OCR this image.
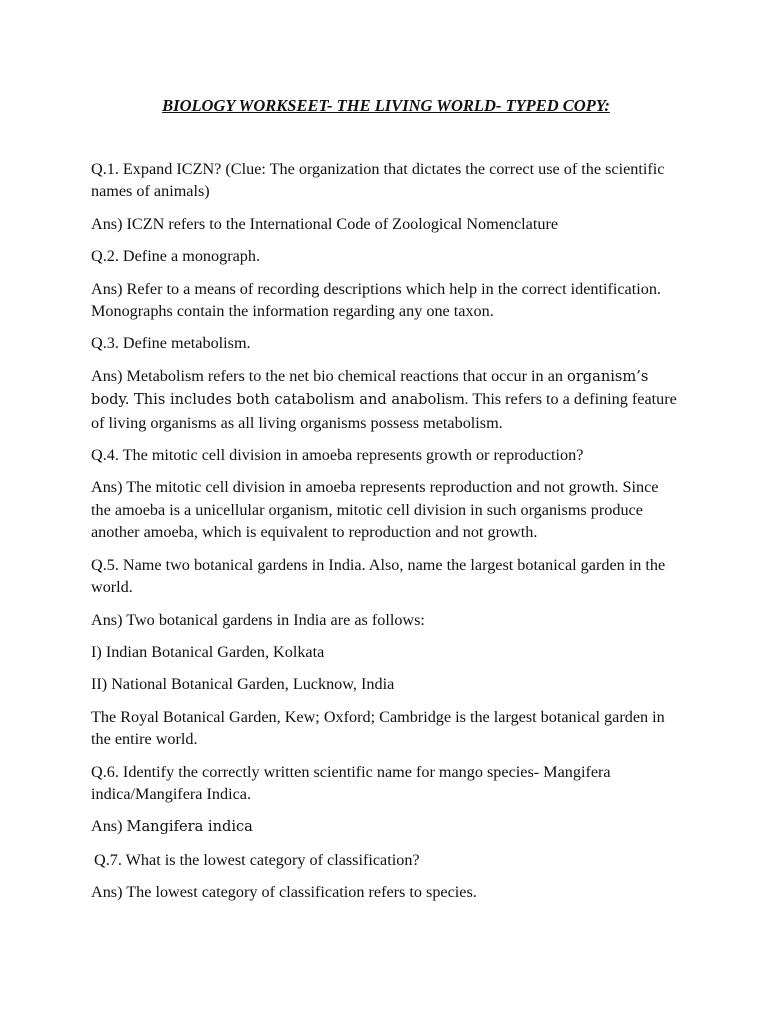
BIOLOGY WORKSEET- THE LIVING WORLD- TYPED COPY:

Q.1. Expand ICZN? (Clue: The organization that dictates the correct use of the scientific names of animals)

Ans) ICZN refers to the International Code of Zoological Nomenclature

Q.2. Define a monograph.

Ans) Refer to a means of recording descriptions which help in the correct identification. Monographs contain the information regarding any one taxon.

Q.3. Define metabolism.

Ans) Metabolism refers to the net bio chemical reactions that occur in an organism’s body. This includes both catabolism and anabolism. This refers to a defining feature of living organisms as all living organisms possess metabolism.

Q.4. The mitotic cell division in amoeba represents growth or reproduction?

Ans) The mitotic cell division in amoeba represents reproduction and not growth. Since the amoeba is a unicellular organism, mitotic cell division in such organisms produce another amoeba, which is equivalent to reproduction and not growth.

Q.5. Name two botanical gardens in India. Also, name the largest botanical garden in the world.

Ans) Two botanical gardens in India are as follows:

I) Indian Botanical Garden, Kolkata

II) National Botanical Garden, Lucknow, India

The Royal Botanical Garden, Kew; Oxford; Cambridge is the largest botanical garden in the entire world.

Q.6. Identify the correctly written scientific name for mango species- Mangifera indica/Mangifera Indica.

Ans) Mangifera indica

Q.7. What is the lowest category of classification?

Ans) The lowest category of classification refers to species.
